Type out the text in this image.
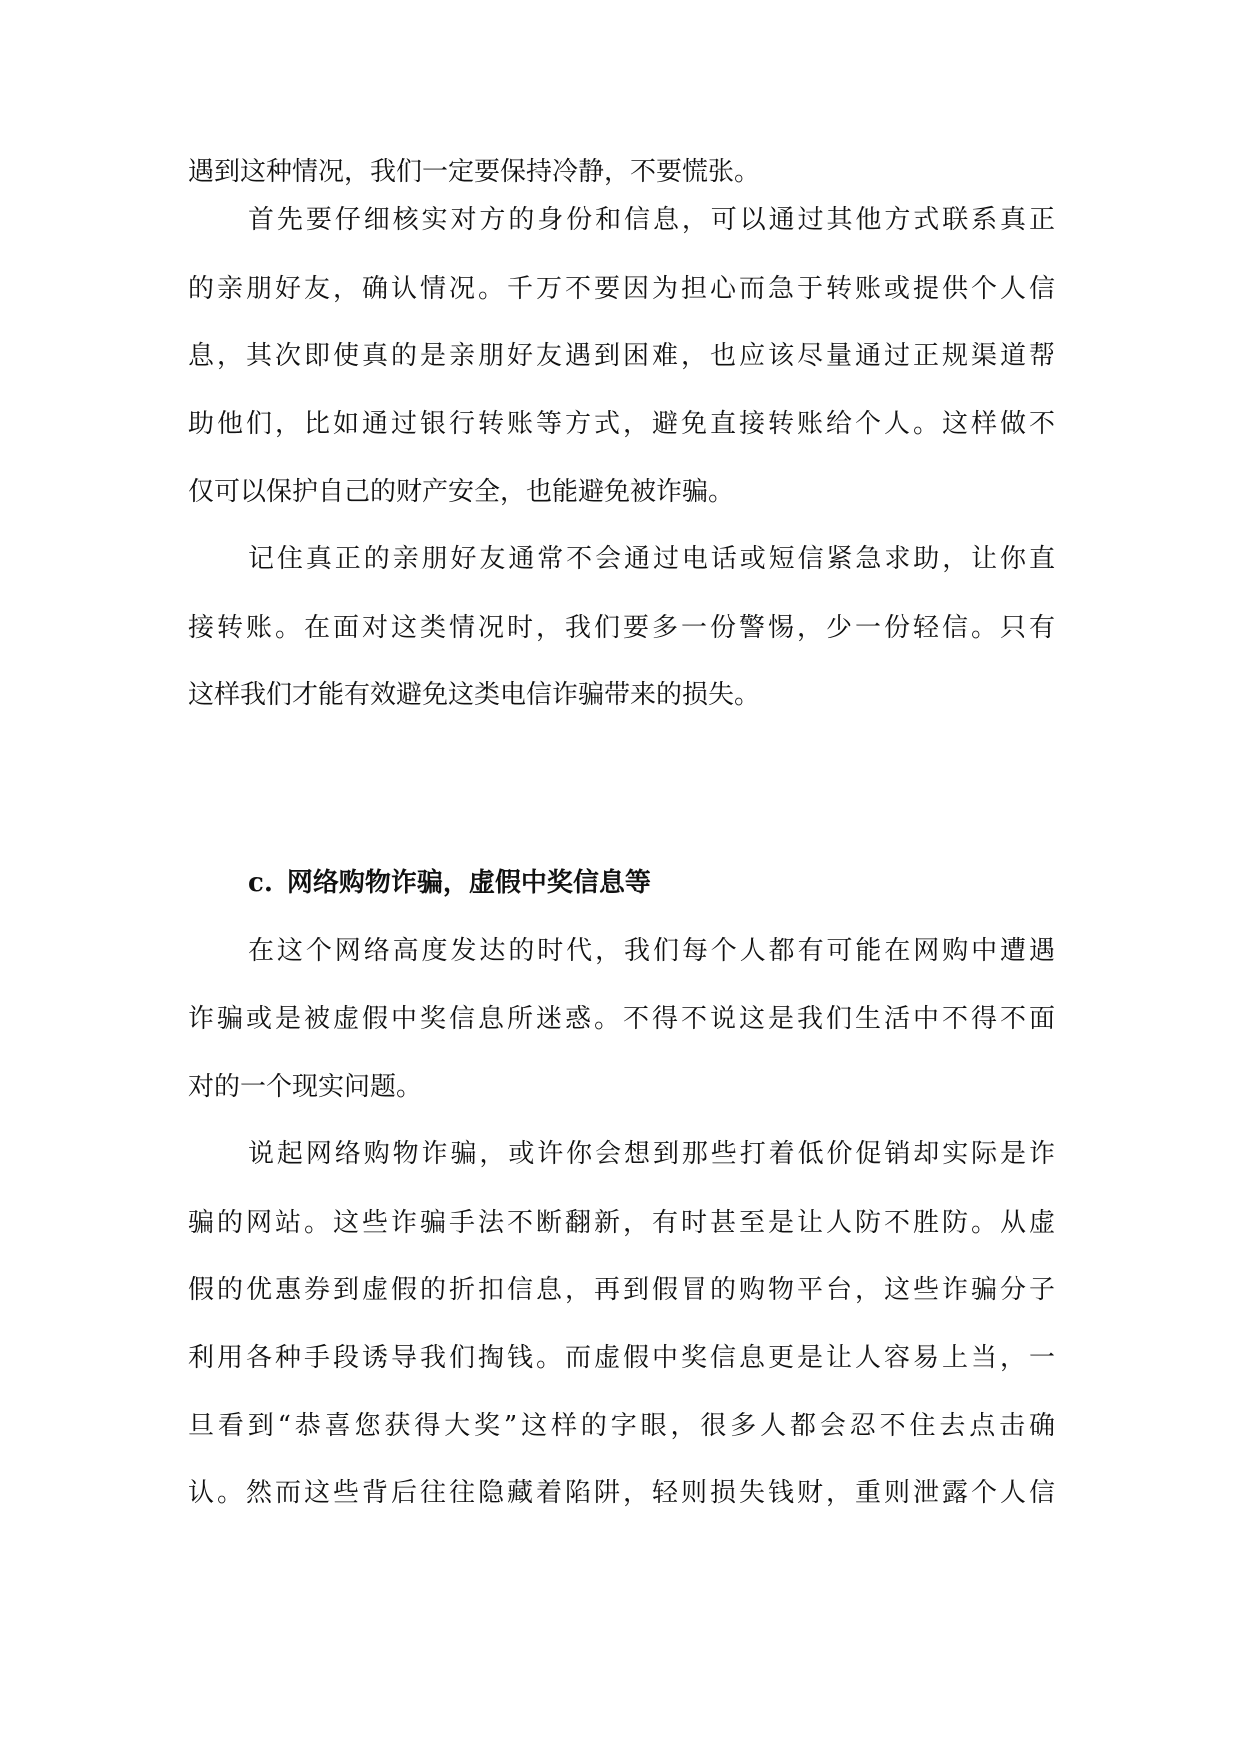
遇到这种情况，我们一定要保持冷静，不要慌张。
首先要仔细核实对方的身份和信息，可以通过其他方式联系真正
的亲朋好友，确认情况。千万不要因为担心而急于转账或提供个人信
息，其次即使真的是亲朋好友遇到困难，也应该尽量通过正规渠道帮
助他们，比如通过银行转账等方式，避免直接转账给个人。这样做不
仅可以保护自己的财产安全，也能避免被诈骗。
记住真正的亲朋好友通常不会通过电话或短信紧急求助，让你直
接转账。在面对这类情况时，我们要多一份警惕，少一份轻信。只有
这样我们才能有效避免这类电信诈骗带来的损失。
c. 网络购物诈骗，虚假中奖信息等
在这个网络高度发达的时代，我们每个人都有可能在网购中遭遇
诈骗或是被虚假中奖信息所迷惑。不得不说这是我们生活中不得不面
对的一个现实问题。
说起网络购物诈骗，或许你会想到那些打着低价促销却实际是诈
骗的网站。这些诈骗手法不断翻新，有时甚至是让人防不胜防。从虚
假的优惠券到虚假的折扣信息，再到假冒的购物平台，这些诈骗分子
利用各种手段诱导我们掏钱。而虚假中奖信息更是让人容易上当，一
旦看到“恭喜您获得大奖”这样的字眼，很多人都会忍不住去点击确
认。然而这些背后往往隐藏着陷阱，轻则损失钱财，重则泄露个人信
